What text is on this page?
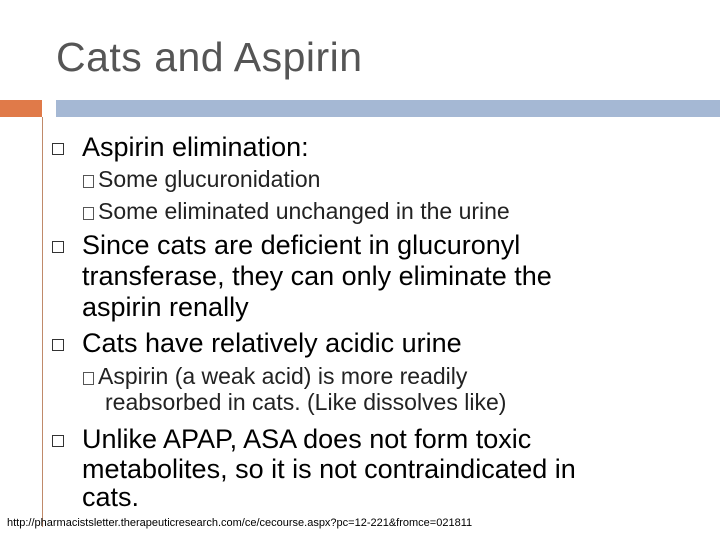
Cats and Aspirin
Aspirin elimination:
Some glucuronidation
Some eliminated unchanged in the urine
Since cats are deficient in glucuronyl
transferase, they can only eliminate the
aspirin renally
Cats have relatively acidic urine
Aspirin (a weak acid) is more readily
reabsorbed in cats. (Like dissolves like)
Unlike APAP, ASA does not form toxic
metabolites, so it is not contraindicated in
cats.
http://pharmacistsletter.therapeuticresearch.com/ce/cecourse.aspx?pc=12-221&fromce=021811
